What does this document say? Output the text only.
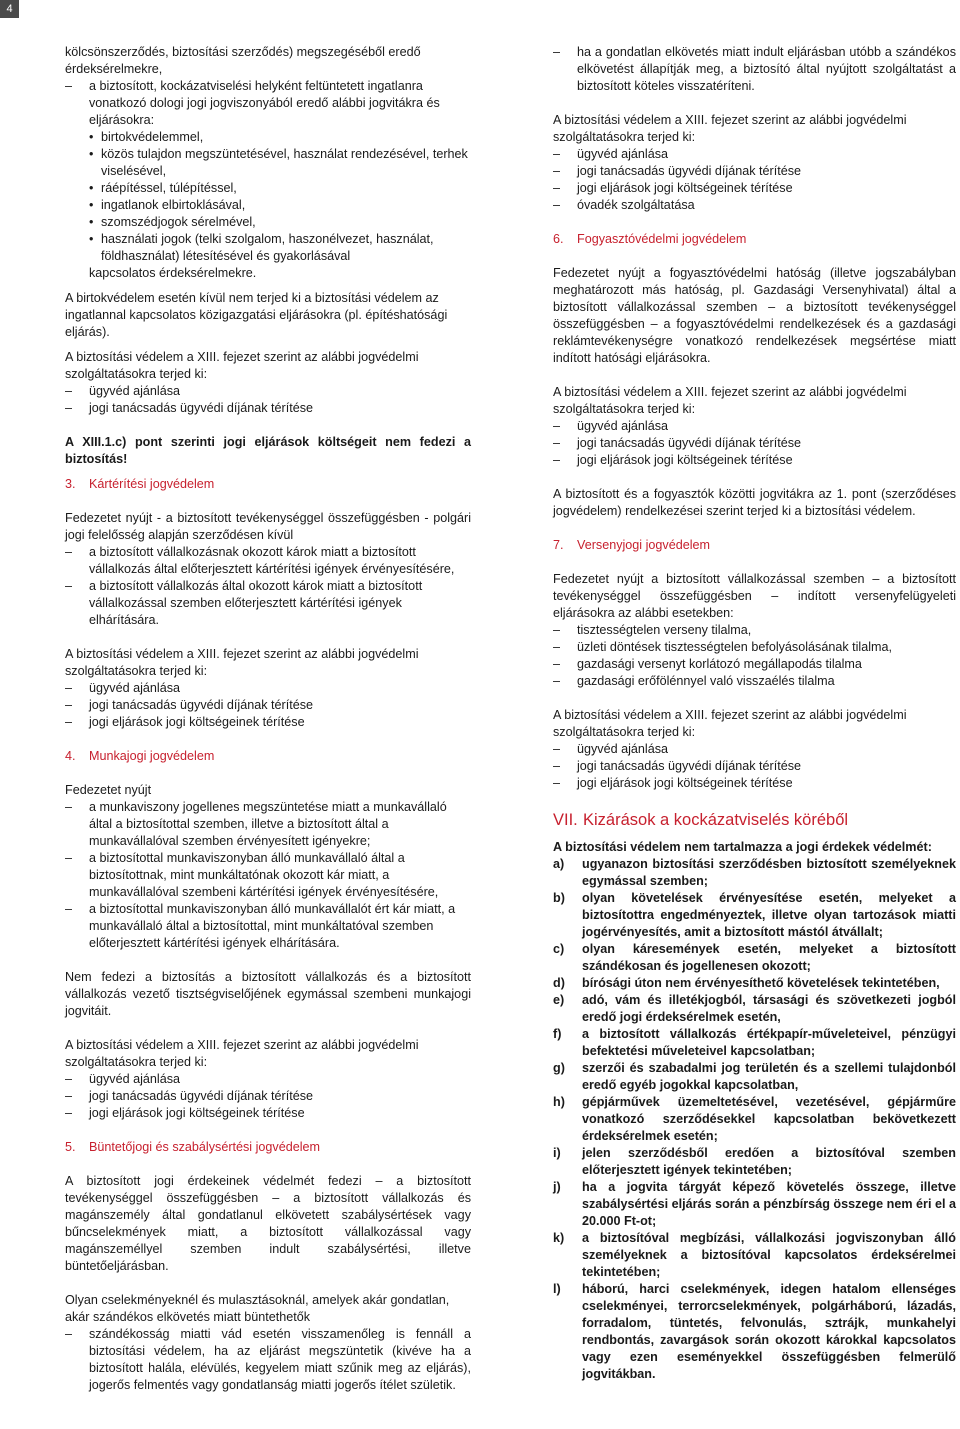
4

kölcsönszerződés, biztosítási szerződés) megszegéséből eredő érdeksérelmekre,

– a biztosított, kockázatviselési helyként feltüntetett ingatlanra vonatkozó dologi jogi jogviszonyából eredő alábbi jogvitákra és eljárásokra:
• birtokvédelemmel,
• közös tulajdon megszüntetésével, használat rendezésével, terhek viselésével,
• ráépítéssel, túlépítéssel,
• ingatlanok elbirtoklásával,
• szomszédjogok sérelmével,
• használati jogok (telki szolgalom, haszonélvezet, használat, földhasználat) létesítésével és gyakorlásával
kapcsolatos érdeksérelmekre.

A birtokvédelem esetén kívül nem terjed ki a biztosítási védelem az ingatlannal kapcsolatos közigazgatási eljárásokra (pl. építéshatósági eljárás).

A biztosítási védelem a XIII. fejezet szerint az alábbi jogvédelmi szolgáltatásokra terjed ki:

– ügyvéd ajánlása
– jogi tanácsadás ügyvédi díjának térítése

A XIII.1.c) pont szerinti jogi eljárások költségeit nem fedezi a biztosítás!

3.	Kártérítési jogvédelem

Fedezetet nyújt - a biztosított tevékenységgel összefüggésben - polgári jogi felelősség alapján szerződésen kívül

– a biztosított vállalkozásnak okozott károk miatt a biztosított vállalkozás által előterjesztett kártérítési igények érvényesítésére,
– a biztosított vállalkozás által okozott károk miatt a biztosított vállalkozással szemben előterjesztett kártérítési igények elhárítására.

A biztosítási védelem a XIII. fejezet szerint az alábbi jogvédelmi szolgáltatásokra terjed ki:

– ügyvéd ajánlása
– jogi tanácsadás ügyvédi díjának térítése
– jogi eljárások jogi költségeinek térítése
4.	Munkajogi jogvédelem

Fedezetet nyújt

– a munkaviszony jogellenes megszüntetése miatt a munkavállaló által a biztosítottal szemben, illetve a biztosított által a munkavállalóval szemben érvényesített igényekre;
– a biztosítottal munkaviszonyban álló munkavállaló által a biztosítottnak, mint munkáltatónak okozott kár miatt, a munkavállalóval szembeni kártérítési igények érvényesítésére,
– a biztosítottal munkaviszonyban álló munkavállalót ért kár miatt, a munkavállaló által a biztosítottal, mint munkáltatóval szemben előterjesztett kártérítési igények elhárítására.

Nem fedezi a biztosítás a biztosított vállalkozás és a biztosított vállalkozás vezető tisztségviselőjének egymással szembeni munkajogi jogvitáit.

A biztosítási védelem a XIII. fejezet szerint az alábbi jogvédelmi szolgáltatásokra terjed ki:

– ügyvéd ajánlása
– jogi tanácsadás ügyvédi díjának térítése
– jogi eljárások jogi költségeinek térítése
5.	Büntetőjogi és szabálysértési jogvédelem

A biztosított jogi érdekeinek védelmét fedezi – a biztosított tevékenységgel összefüggésben – a biztosított vállalkozás és magánszemély által gondatlanul elkövetett szabálysértések vagy bűncselekmények miatt, a biztosított vállalkozással vagy magánszeméllyel szemben indult szabálysértési, illetve büntetőeljárásban.

Olyan cselekményeknél és mulasztásoknál, amelyek akár gondatlan, akár szándékos elkövetés miatt büntethetők

– szándékosság miatti vád esetén visszamenőleg is fennáll a biztosítási védelem, ha az eljárást megszüntetik (kivéve ha a biztosított halála, elévülés, kegyelem miatt szűnik meg az eljárás), jogerős felmentés vagy gondatlanság miatti jogerős ítélet születik.
– ha a gondatlan elkövetés miatt indult eljárásban utóbb a szándékos elkövetést állapítják meg, a biztosító által nyújtott szolgáltatást a biztosított köteles visszatéríteni.

A biztosítási védelem a XIII. fejezet szerint az alábbi jogvédelmi szolgáltatásokra terjed ki:

– ügyvéd ajánlása
– jogi tanácsadás ügyvédi díjának térítése
– jogi eljárások jogi költségeinek térítése
– óvadék szolgáltatása
6.	Fogyasztóvédelmi jogvédelem

Fedezetet nyújt a fogyasztóvédelmi hatóság (illetve jogszabályban meghatározott más hatóság, pl. Gazdasági Versenyhivatal) által a biztosított vállalkozással szemben – a biztosított tevékenységgel összefüggésben – a fogyasztóvédelmi rendelkezések és a gazdasági reklámtevékenységre vonatkozó rendelkezések megsértése miatt indított hatósági eljárásokra.

A biztosítási védelem a XIII. fejezet szerint az alábbi jogvédelmi szolgáltatásokra terjed ki:

– ügyvéd ajánlása
– jogi tanácsadás ügyvédi díjának térítése
– jogi eljárások jogi költségeinek térítése

A biztosított és a fogyasztók közötti jogvitákra az 1. pont (szerződéses jogvédelem) rendelkezései szerint terjed ki a biztosítási védelem.

7.	Versenyjogi jogvédelem

Fedezetet nyújt a biztosított vállalkozással szemben – a biztosított tevékenységgel összefüggésben – indított versenyfelügyeleti eljárásokra az alábbi esetekben:

– tisztességtelen verseny tilalma,
– üzleti döntések tisztességtelen befolyásolásának tilalma,
– gazdasági versenyt korlátozó megállapodás tilalma
– gazdasági erőfölénnyel való visszaélés tilalma

A biztosítási védelem a XIII. fejezet szerint az alábbi jogvédelmi szolgáltatásokra terjed ki:

– ügyvéd ajánlása
– jogi tanácsadás ügyvédi díjának térítése
– jogi eljárások jogi költségeinek térítése
VII. Kizárások a kockázatviselés köréből

A biztosítási védelem nem tartalmazza a jogi érdekek védelmét:

a)	ugyanazon biztosítási szerződésben biztosított személyeknek egymással szemben;
b)	olyan követelések érvényesítése esetén, melyeket a biztosítottra engedményeztek, illetve olyan tartozások miatti jogérvényesítés, amit a biztosított mástól átvállalt;
c)	olyan káresemények esetén, melyeket a biztosított szándékosan és jogellenesen okozott;
d)	bírósági úton nem érvényesíthető követelések tekintetében,
e)	adó, vám és illetékjogból, társasági és szövetkezeti jogból eredő jogi érdeksérelmek esetén,
f)	a biztosított vállalkozás értékpapír-műveleteivel, pénzügyi befektetési műveleteivel kapcsolatban;
g)	szerzői és szabadalmi jog területén és a szellemi tulajdonból eredő egyéb jogokkal kapcsolatban,
h)	gépjárművek üzemeltetésével, vezetésével, gépjárműre vonatkozó szerződésekkel kapcsolatban bekövetkezett érdeksérelmek esetén;
i)	jelen szerződésből eredően a biztosítóval szemben előterjesztett igények tekintetében;
j)	ha a jogvita tárgyát képező követelés összege, illetve szabálysértési eljárás során a pénzbírság összege nem éri el a 20.000 Ft-ot;
k)	a biztosítóval megbízási, vállalkozási jogviszonyban álló személyeknek a biztosítóval kapcsolatos érdeksérelmei tekintetében;
l)	háború, harci cselekmények, idegen hatalom ellenséges cselekményei, terrorcselekmények, polgárháború, lázadás, forradalom, tüntetés, felvonulás, sztrájk, munkahelyi rendbontás, zavargások során okozott károkkal kapcsolatos vagy ezen eseményekkel összefüggésben felmerülő jogvitákban.
